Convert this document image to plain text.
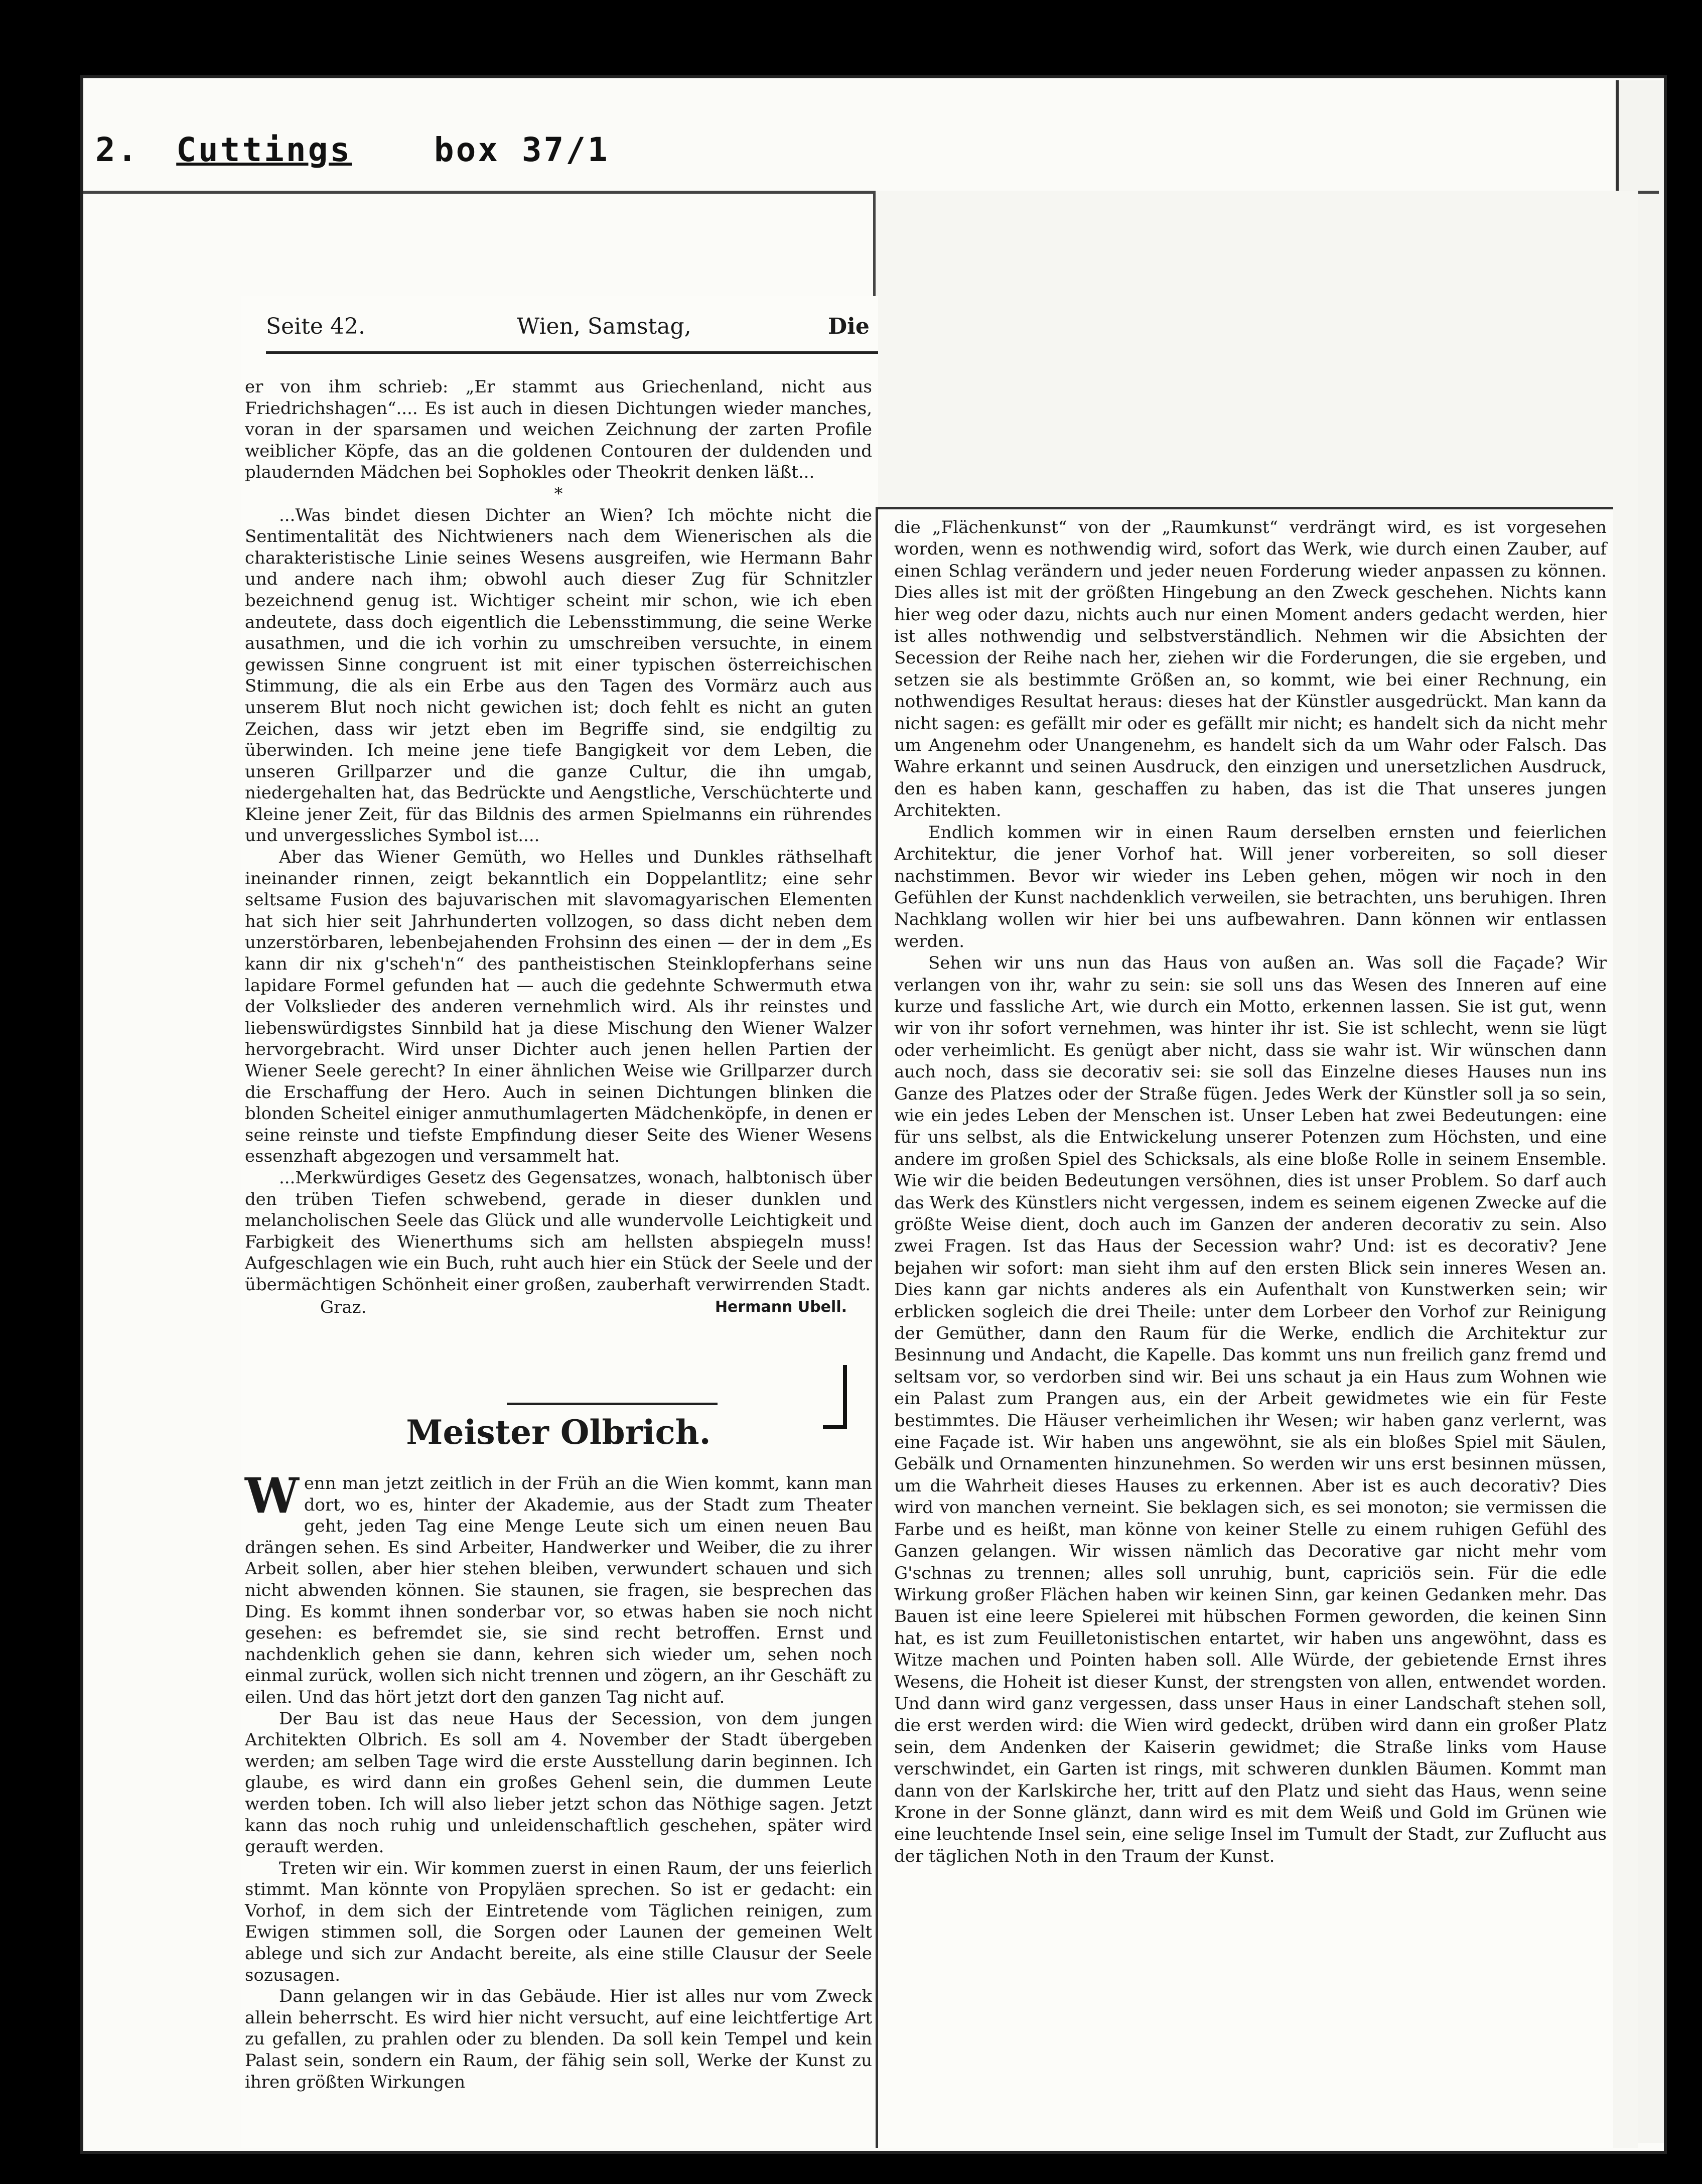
2. Cuttings box 37/1
Seite 42.	Wien, Samstag,	Die

er von ihm schrieb: „Er stammt aus Griechenland, nicht aus Friedrichshagen“.... Es ist auch in diesen Dichtungen wieder manches, voran in der sparsamen und weichen Zeichnung der zarten Profile weiblicher Köpfe, das an die goldenen Contouren der duldenden und plaudernden Mädchen bei Sophokles oder Theokrit denken läßt...

*

...Was bindet diesen Dichter an Wien? Ich möchte nicht die Sentimentalität des Nichtwieners nach dem Wienerischen als die charakteristische Linie seines Wesens ausgreifen, wie Hermann Bahr und andere nach ihm; obwohl auch dieser Zug für Schnitzler bezeichnend genug ist. Wichtiger scheint mir schon, wie ich eben andeutete, dass doch eigentlich die Lebensstimmung, die seine Werke ausathmen, und die ich vorhin zu umschreiben versuchte, in einem gewissen Sinne congruent ist mit einer typischen österreichischen Stimmung, die als ein Erbe aus den Tagen des Vormärz auch aus unserem Blut noch nicht gewichen ist; doch fehlt es nicht an guten Zeichen, dass wir jetzt eben im Begriffe sind, sie endgiltig zu überwinden. Ich meine jene tiefe Bangigkeit vor dem Leben, die unseren Grillparzer und die ganze Cultur, die ihn umgab, niedergehalten hat, das Bedrückte und Aengstliche, Verschüchterte und Kleine jener Zeit, für das Bildnis des armen Spielmanns ein rührendes und unvergessliches Symbol ist....

Aber das Wiener Gemüth, wo Helles und Dunkles räthselhaft ineinander rinnen, zeigt bekanntlich ein Doppelantlitz; eine sehr seltsame Fusion des bajuvarischen mit slavomagyarischen Elementen hat sich hier seit Jahrhunderten vollzogen, so dass dicht neben dem unzerstörbaren, lebenbejahenden Frohsinn des einen — der in dem „Es kann dir nix g'scheh'n“ des pantheistischen Steinklopferhans seine lapidare Formel gefunden hat — auch die gedehnte Schwermuth etwa der Volkslieder des anderen vernehmlich wird. Als ihr reinstes und liebenswürdigstes Sinnbild hat ja diese Mischung den Wiener Walzer hervorgebracht. Wird unser Dichter auch jenen hellen Partien der Wiener Seele gerecht? In einer ähnlichen Weise wie Grillparzer durch die Erschaffung der Hero. Auch in seinen Dichtungen blinken die blonden Scheitel einiger anmuthumlagerten Mädchenköpfe, in denen er seine reinste und tiefste Empfindung dieser Seite des Wiener Wesens essenzhaft abgezogen und versammelt hat.

...Merkwürdiges Gesetz des Gegensatzes, wonach, halbtonisch über den trüben Tiefen schwebend, gerade in dieser dunklen und melancholischen Seele das Glück und alle wundervolle Leichtigkeit und Farbigkeit des Wienerthums sich am hellsten abspiegeln muss! Aufgeschlagen wie ein Buch, ruht auch hier ein Stück der Seele und der übermächtigen Schönheit einer großen, zauberhaft verwirrenden Stadt.

Graz.	Hermann Ubell.
Meister Olbrich.

Wenn man jetzt zeitlich in der Früh an die Wien kommt, kann man dort, wo es, hinter der Akademie, aus der Stadt zum Theater geht, jeden Tag eine Menge Leute sich um einen neuen Bau drängen sehen. Es sind Arbeiter, Handwerker und Weiber, die zu ihrer Arbeit sollen, aber hier stehen bleiben, verwundert schauen und sich nicht abwenden können. Sie staunen, sie fragen, sie besprechen das Ding. Es kommt ihnen sonderbar vor, so etwas haben sie noch nicht gesehen: es befremdet sie, sie sind recht betroffen. Ernst und nachdenklich gehen sie dann, kehren sich wieder um, sehen noch einmal zurück, wollen sich nicht trennen und zögern, an ihr Geschäft zu eilen. Und das hört jetzt dort den ganzen Tag nicht auf.

Der Bau ist das neue Haus der Secession, von dem jungen Architekten Olbrich. Es soll am 4. November der Stadt übergeben werden; am selben Tage wird die erste Ausstellung darin beginnen. Ich glaube, es wird dann ein großes Gehenl sein, die dummen Leute werden toben. Ich will also lieber jetzt schon das Nöthige sagen. Jetzt kann das noch ruhig und unleidenschaftlich geschehen, später wird gerauft werden.

Treten wir ein. Wir kommen zuerst in einen Raum, der uns feierlich stimmt. Man könnte von Propyläen sprechen. So ist er gedacht: ein Vorhof, in dem sich der Eintretende vom Täglichen reinigen, zum Ewigen stimmen soll, die Sorgen oder Launen der gemeinen Welt ablege und sich zur Andacht bereite, als eine stille Clausur der Seele sozusagen.

Dann gelangen wir in das Gebäude. Hier ist alles nur vom Zweck allein beherrscht. Es wird hier nicht versucht, auf eine leichtfertige Art zu gefallen, zu prahlen oder zu blenden. Da soll kein Tempel und kein Palast sein, sondern ein Raum, der fähig sein soll, Werke der Kunst zu ihren größten Wirkungen

die „Flächenkunst“ von der „Raumkunst“ verdrängt wird, es ist vorgesehen worden, wenn es nothwendig wird, sofort das Werk, wie durch einen Zauber, auf einen Schlag verändern und jeder neuen Forderung wieder anpassen zu können. Dies alles ist mit der größten Hingebung an den Zweck geschehen. Nichts kann hier weg oder dazu, nichts auch nur einen Moment anders gedacht werden, hier ist alles nothwendig und selbstverständlich. Nehmen wir die Absichten der Secession der Reihe nach her, ziehen wir die Forderungen, die sie ergeben, und setzen sie als bestimmte Größen an, so kommt, wie bei einer Rechnung, ein nothwendiges Resultat heraus: dieses hat der Künstler ausgedrückt. Man kann da nicht sagen: es gefällt mir oder es gefällt mir nicht; es handelt sich da nicht mehr um Angenehm oder Unangenehm, es handelt sich da um Wahr oder Falsch. Das Wahre erkannt und seinen Ausdruck, den einzigen und unersetzlichen Ausdruck, den es haben kann, geschaffen zu haben, das ist die That unseres jungen Architekten.

Endlich kommen wir in einen Raum derselben ernsten und feierlichen Architektur, die jener Vorhof hat. Will jener vorbereiten, so soll dieser nachstimmen. Bevor wir wieder ins Leben gehen, mögen wir noch in den Gefühlen der Kunst nachdenklich verweilen, sie betrachten, uns beruhigen. Ihren Nachklang wollen wir hier bei uns aufbewahren. Dann können wir entlassen werden.

Sehen wir uns nun das Haus von außen an. Was soll die Façade? Wir verlangen von ihr, wahr zu sein: sie soll uns das Wesen des Inneren auf eine kurze und fassliche Art, wie durch ein Motto, erkennen lassen. Sie ist gut, wenn wir von ihr sofort vernehmen, was hinter ihr ist. Sie ist schlecht, wenn sie lügt oder verheimlicht. Es genügt aber nicht, dass sie wahr ist. Wir wünschen dann auch noch, dass sie decorativ sei: sie soll das Einzelne dieses Hauses nun ins Ganze des Platzes oder der Straße fügen. Jedes Werk der Künstler soll ja so sein, wie ein jedes Leben der Menschen ist. Unser Leben hat zwei Bedeutungen: eine für uns selbst, als die Entwickelung unserer Potenzen zum Höchsten, und eine andere im großen Spiel des Schicksals, als eine bloße Rolle in seinem Ensemble. Wie wir die beiden Bedeutungen versöhnen, dies ist unser Problem. So darf auch das Werk des Künstlers nicht vergessen, indem es seinem eigenen Zwecke auf die größte Weise dient, doch auch im Ganzen der anderen decorativ zu sein. Also zwei Fragen. Ist das Haus der Secession wahr? Und: ist es decorativ? Jene bejahen wir sofort: man sieht ihm auf den ersten Blick sein inneres Wesen an. Dies kann gar nichts anderes als ein Aufenthalt von Kunstwerken sein; wir erblicken sogleich die drei Theile: unter dem Lorbeer den Vorhof zur Reinigung der Gemüther, dann den Raum für die Werke, endlich die Architektur zur Besinnung und Andacht, die Kapelle. Das kommt uns nun freilich ganz fremd und seltsam vor, so verdorben sind wir. Bei uns schaut ja ein Haus zum Wohnen wie ein Palast zum Prangen aus, ein der Arbeit gewidmetes wie ein für Feste bestimmtes. Die Häuser verheimlichen ihr Wesen; wir haben ganz verlernt, was eine Façade ist. Wir haben uns angewöhnt, sie als ein bloßes Spiel mit Säulen, Gebälk und Ornamenten hinzunehmen. So werden wir uns erst besinnen müssen, um die Wahrheit dieses Hauses zu erkennen. Aber ist es auch decorativ? Dies wird von manchen verneint. Sie beklagen sich, es sei monoton; sie vermissen die Farbe und es heißt, man könne von keiner Stelle zu einem ruhigen Gefühl des Ganzen gelangen. Wir wissen nämlich das Decorative gar nicht mehr vom G'schnas zu trennen; alles soll unruhig, bunt, capriciös sein. Für die edle Wirkung großer Flächen haben wir keinen Sinn, gar keinen Gedanken mehr. Das Bauen ist eine leere Spielerei mit hübschen Formen geworden, die keinen Sinn hat, es ist zum Feuilletonistischen entartet, wir haben uns angewöhnt, dass es Witze machen und Pointen haben soll. Alle Würde, der gebietende Ernst ihres Wesens, die Hoheit ist dieser Kunst, der strengsten von allen, entwendet worden. Und dann wird ganz vergessen, dass unser Haus in einer Landschaft stehen soll, die erst werden wird: die Wien wird gedeckt, drüben wird dann ein großer Platz sein, dem Andenken der Kaiserin gewidmet; die Straße links vom Hause verschwindet, ein Garten ist rings, mit schweren dunklen Bäumen. Kommt man dann von der Karlskirche her, tritt auf den Platz und sieht das Haus, wenn seine Krone in der Sonne glänzt, dann wird es mit dem Weiß und Gold im Grünen wie eine leuchtende Insel sein, eine selige Insel im Tumult der Stadt, zur Zuflucht aus der täglichen Noth in den Traum der Kunst.
